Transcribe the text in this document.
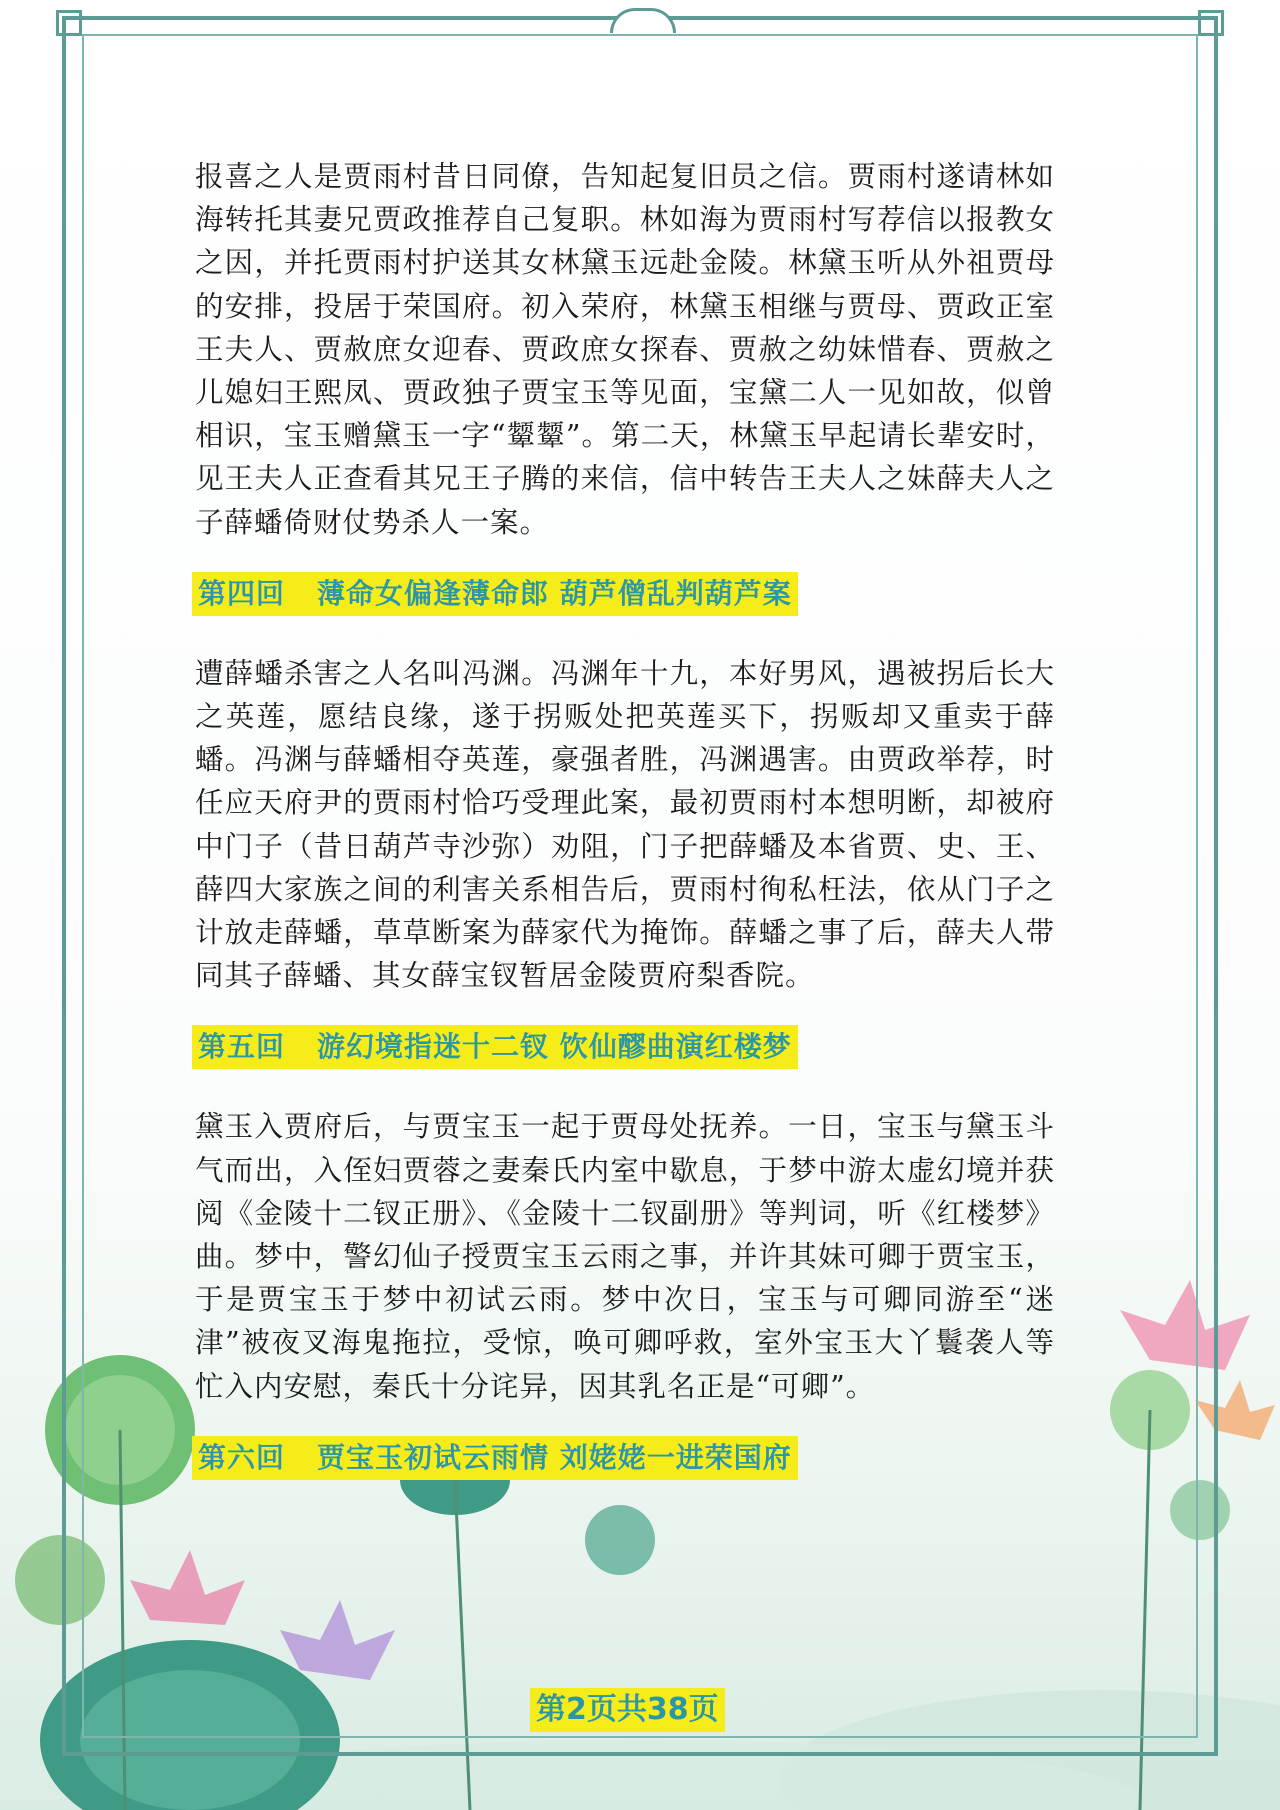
报喜之人是贾雨村昔日同僚，告知起复旧员之信。贾雨村遂请林如海转托其妻兄贾政推荐自己复职。林如海为贾雨村写荐信以报教女之因，并托贾雨村护送其女林黛玉远赴金陵。林黛玉听从外祖贾母的安排，投居于荣国府。初入荣府，林黛玉相继与贾母、贾政正室王夫人、贾赦庶女迎春、贾政庶女探春、贾赦之幼妹惜春、贾赦之儿媳妇王熙凤、贾政独子贾宝玉等见面，宝黛二人一见如故，似曾相识，宝玉赠黛玉一字“颦颦”。第二天，林黛玉早起请长辈安时，见王夫人正查看其兄王子腾的来信，信中转告王夫人之妹薛夫人之子薛蟠倚财仗势杀人一案。

第四回 薄命女偏逢薄命郎 葫芦僧乱判葫芦案

遭薛蟠杀害之人名叫冯渊。冯渊年十九，本好男风，遇被拐后长大之英莲，愿结良缘，遂于拐贩处把英莲买下，拐贩却又重卖于薛蟠。冯渊与薛蟠相夺英莲，豪强者胜，冯渊遇害。由贾政举荐，时任应天府尹的贾雨村恰巧受理此案，最初贾雨村本想明断，却被府中门子（昔日葫芦寺沙弥）劝阻，门子把薛蟠及本省贾、史、王、薛四大家族之间的利害关系相告后，贾雨村徇私枉法，依从门子之计放走薛蟠，草草断案为薛家代为掩饰。薛蟠之事了后，薛夫人带同其子薛蟠、其女薛宝钗暂居金陵贾府梨香院。

第五回 游幻境指迷十二钗 饮仙醪曲演红楼梦

黛玉入贾府后，与贾宝玉一起于贾母处抚养。一日，宝玉与黛玉斗气而出，入侄妇贾蓉之妻秦氏内室中歇息，于梦中游太虚幻境并获阅《金陵十二钗正册》、《金陵十二钗副册》等判词，听《红楼梦》曲。梦中，警幻仙子授贾宝玉云雨之事，并许其妹可卿于贾宝玉，于是贾宝玉于梦中初试云雨。梦中次日，宝玉与可卿同游至“迷津”被夜叉海鬼拖拉，受惊，唤可卿呼救，室外宝玉大丫鬟袭人等忙入内安慰，秦氏十分诧异，因其乳名正是“可卿”。

第六回 贾宝玉初试云雨情 刘姥姥一进荣国府
第2页共38页
